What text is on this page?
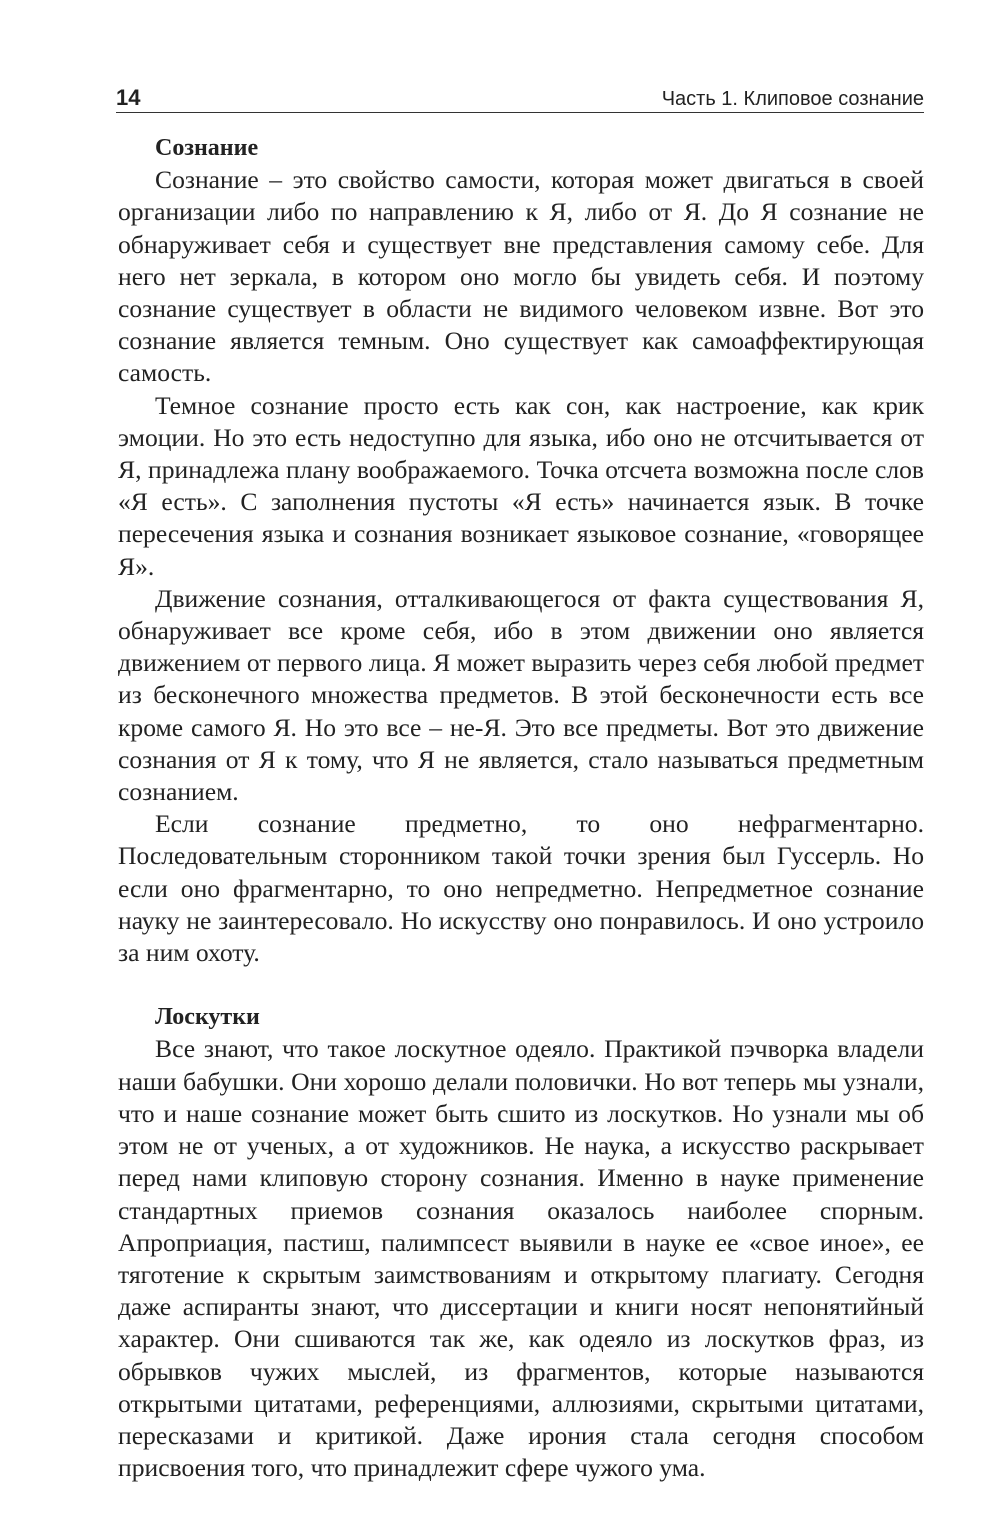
14	Часть 1. Клиповое сознание
Сознание

Сознание – это свойство самости, которая может двигаться в своей организации либо по направлению к Я, либо от Я. До Я сознание не обнаруживает себя и существует вне представления самому себе. Для него нет зеркала, в котором оно могло бы увидеть себя. И поэтому сознание существует в области не видимого человеком извне. Вот это сознание является темным. Оно существует как самоаффектирующая самость.

Темное сознание просто есть как сон, как настроение, как крик эмоции. Но это есть недоступно для языка, ибо оно не отсчитывается от Я, принадлежа плану воображаемого. Точка отсчета возможна после слов «Я есть». С заполнения пустоты «Я есть» начинается язык. В точке пересечения языка и сознания возникает языковое сознание, «говорящее Я».

Движение сознания, отталкивающегося от факта существования Я, обнаруживает все кроме себя, ибо в этом движении оно является движением от первого лица. Я может выразить через себя любой предмет из бесконечного множества предметов. В этой бесконечности есть все кроме самого Я. Но это все – не-Я. Это все предметы. Вот это движение сознания от Я к тому, что Я не является, стало называться предметным сознанием.

Если сознание предметно, то оно нефрагментарно. Последовательным сторонником такой точки зрения был Гуссерль. Но если оно фрагментарно, то оно непредметно. Непредметное сознание науку не заинтересовало. Но искусству оно понравилось. И оно устроило за ним охоту.

Лоскутки

Все знают, что такое лоскутное одеяло. Практикой пэчворка владели наши бабушки. Они хорошо делали половички. Но вот теперь мы узнали, что и наше сознание может быть сшито из лоскутков. Но узнали мы об этом не от ученых, а от художников. Не наука, а искусство раскрывает перед нами клиповую сторону сознания. Именно в науке применение стандартных приемов сознания оказалось наиболее спорным. Апроприация, пастиш, палимпсест выявили в науке ее «свое иное», ее тяготение к скрытым заимствованиям и открытому плагиату. Сегодня даже аспиранты знают, что диссертации и книги носят непонятийный характер. Они сшиваются так же, как одеяло из лоскутков фраз, из обрывков чужих мыслей, из фрагментов, которые называются открытыми цитатами, референциями, аллюзиями, скрытыми цитатами, пересказами и критикой. Даже ирония стала сегодня способом присвоения того, что принадлежит сфере чужого ума.
